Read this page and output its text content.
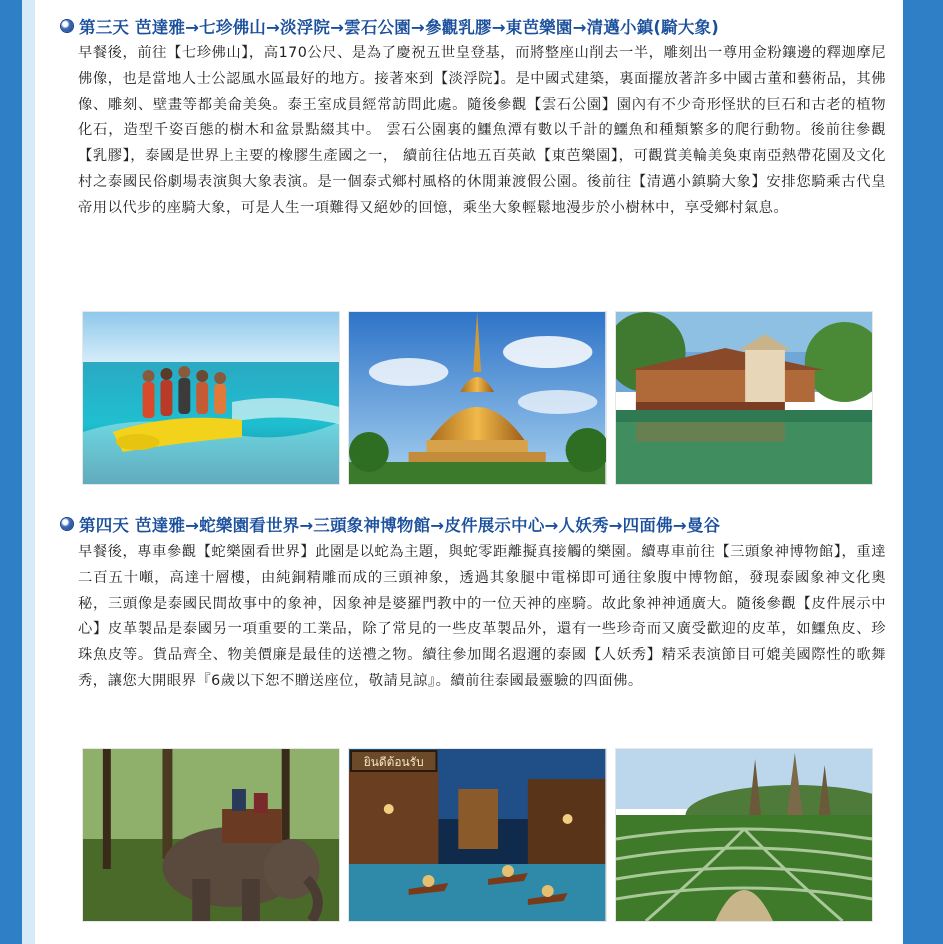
第三天 芭達雅→七珍佛山→淡浮院→雲石公園→參觀乳膠→東芭樂園→清邁小鎮(騎大象)
早餐後，前往【七珍佛山】，高170公尺、是為了慶祝五世皇登基，而將整座山削去一半，雕刻出一尊用金粉鑲邊的釋迦摩尼佛像，也是當地人士公認風水區最好的地方。接著來到【淡浮院】。是中國式建築，裏面擺放著許多中國古董和藝術品，其佛像、雕刻、壁畫等都美侖美奐。泰王室成員經常訪問此處。隨後參觀【雲石公園】園內有不少奇形怪狀的巨石和古老的植物化石，造型千姿百態的樹木和盆景點綴其中。 雲石公園裏的鱷魚潭有數以千計的鱷魚和種類繁多的爬行動物。後前往參觀【乳膠】，泰國是世界上主要的橡膠生產國之一， 續前往佔地五百英畝【東芭樂園】，可觀賞美輪美奐東南亞熱帶花園及文化村之泰國民俗劇場表演與大象表演。是一個泰式鄉村風格的休閒兼渡假公園。後前往【清邁小鎮騎大象】安排您騎乘古代皇帝用以代步的座騎大象，可是人生一項難得又絕妙的回憶，乘坐大象輕鬆地漫步於小樹林中，享受鄉村氣息。
第四天 芭達雅→蛇樂園看世界→三頭象神博物館→皮件展示中心→人妖秀→四面佛→曼谷
早餐後，專車參觀【蛇樂園看世界】此園是以蛇為主題，與蛇零距離擬真接觸的樂園。續專車前往【三頭象神博物館】，重達二百五十噸，高達十層樓，由純銅精雕而成的三頭神象，透過其象腿中電梯即可通往象腹中博物館，發現泰國象神文化奧秘，三頭像是泰國民間故事中的象神，因象神是婆羅門教中的一位天神的座騎。故此象神神通廣大。隨後參觀【皮件展示中心】皮革製品是泰國另一項重要的工業品，除了常見的一些皮革製品外，還有一些珍奇而又廣受歡迎的皮革，如鱷魚皮、珍珠魚皮等。貨品齊全、物美價廉是最佳的送禮之物。續往參加聞名遐邇的泰國【人妖秀】精采表演節目可媲美國際性的歌舞秀，讓您大開眼界『6歲以下恕不贈送座位，敬請見諒』。續前往泰國最靈驗的四面佛。
ยินดีต้อนรับ
